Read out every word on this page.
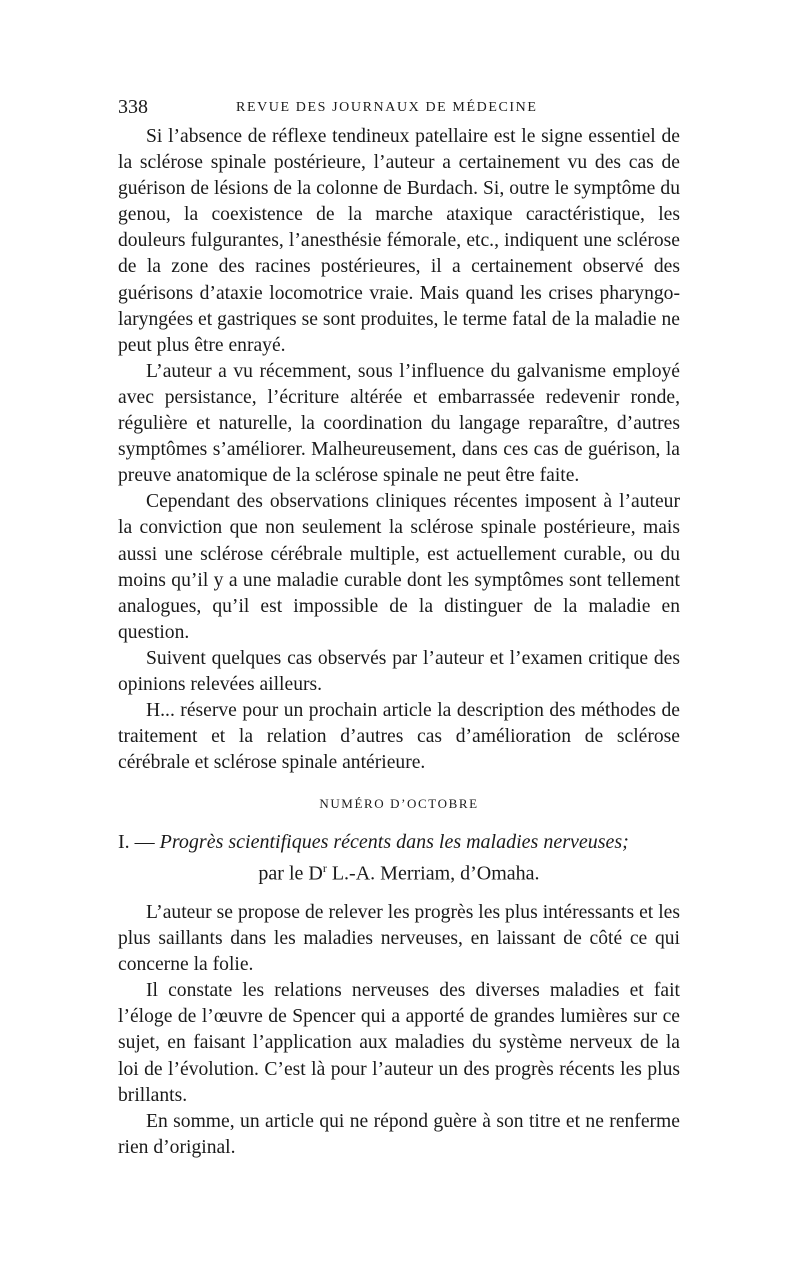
338	REVUE DES JOURNAUX DE MÉDECINE

Si l’absence de réflexe tendineux patellaire est le signe essentiel de la sclérose spinale postérieure, l’auteur a certainement vu des cas de guérison de lésions de la colonne de Burdach. Si, outre le symptôme du genou, la coexistence de la marche ataxique caractéristique, les douleurs fulgurantes, l’anesthésie fémorale, etc., indiquent une sclérose de la zone des racines postérieures, il a certainement observé des guérisons d’ataxie locomotrice vraie. Mais quand les crises pharyngo-laryngées et gastriques se sont produites, le terme fatal de la maladie ne peut plus être enrayé.

L’auteur a vu récemment, sous l’influence du galvanisme employé avec persistance, l’écriture altérée et embarrassée redevenir ronde, régulière et naturelle, la coordination du langage reparaître, d’autres symptômes s’améliorer. Malheureusement, dans ces cas de guérison, la preuve anatomique de la sclérose spinale ne peut être faite.

Cependant des observations cliniques récentes imposent à l’auteur la conviction que non seulement la sclérose spinale postérieure, mais aussi une sclérose cérébrale multiple, est actuellement curable, ou du moins qu’il y a une maladie curable dont les symptômes sont tellement analogues, qu’il est impossible de la distinguer de la maladie en question.

Suivent quelques cas observés par l’auteur et l’examen critique des opinions relevées ailleurs.

H... réserve pour un prochain article la description des méthodes de traitement et la relation d’autres cas d’amélioration de sclérose cérébrale et sclérose spinale antérieure.

NUMÉRO D’OCTOBRE
I. — Progrès scientifiques récents dans les maladies nerveuses;
par le $D^r$ L.-A. Merriam, d’Omaha.

L’auteur se propose de relever les progrès les plus intéressants et les plus saillants dans les maladies nerveuses, en laissant de côté ce qui concerne la folie.

Il constate les relations nerveuses des diverses maladies et fait l’éloge de l’œuvre de Spencer qui a apporté de grandes lumières sur ce sujet, en faisant l’application aux maladies du système nerveux de la loi de l’évolution. C’est là pour l’auteur un des progrès récents les plus brillants.

En somme, un article qui ne répond guère à son titre et ne renferme rien d’original.
